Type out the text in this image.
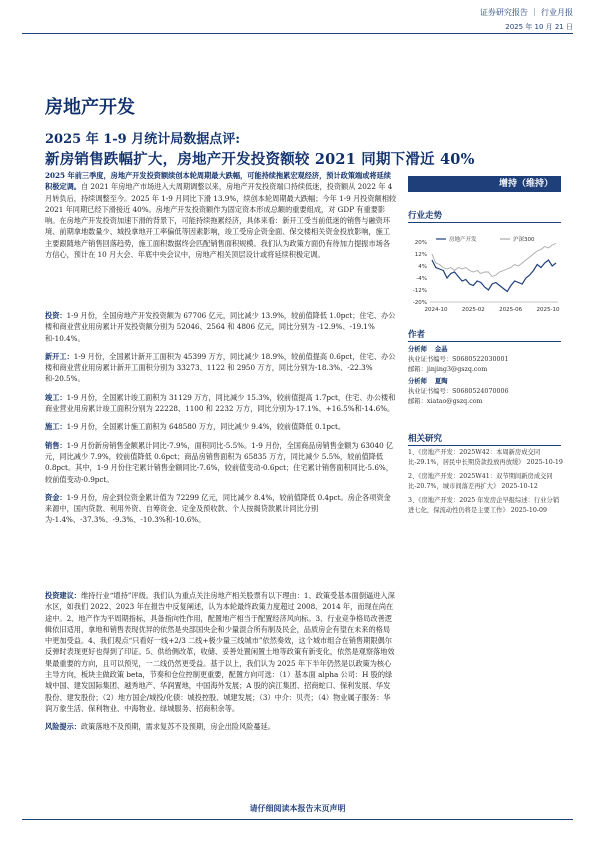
证券研究报告 ｜ 行业月报
2025 年 10 月 21 日
房地产开发
2025 年 1-9 月统计局数据点评:
新房销售跌幅扩大，房地产开发投资额较 2021 同期下滑近 40%
2025 年前三季度，房地产开发投资额续创本轮周期最大跌幅，可能持续拖累宏观经济，预计政策端或将延续积极定调。自 2021 年房地产市场进入大周期调整以来，房地产开发投资端口持续低迷，投资额从 2022 年 4 月转负后，持续调整至今。2025 年 1-9 月同比下滑 13.9%，续创本轮周期最大跌幅；今年 1-9 月投资额相较 2021 年同期已经下滑接近 40%。房地产开发投资额作为固定资本形成总额的重要组成，对 GDP 有重要影响。在房地产开发投资加速下滑的背景下，可能持续拖累经济，具体来看：新开工受当前低迷的销售与融资环境、前期拿地数量少、城投拿地开工率偏低等因素影响，竣工受房企资金面、保交楼相关资金投放影响，施工主要跟随地产销售回落趋势，施工面积数据终会匹配销售面积规模。我们认为政策方面仍有待加力提振市场各方信心，预计在 10 月大会、年底中央会议中，房地产相关顶层设计或将延续积极定调。
投资：1-9 月份，全国房地产开发投资额为 67706 亿元，同比减少 13.9%，较前值降低 1.0pct；住宅、办公楼和商业营业用房累计开发投资额分别为 52046、2564 和 4806 亿元，同比分别为 -12.9%、-19.1%和-10.4%。
新开工：1-9 月份，全国累计新开工面积为 45399 万方，同比减少 18.9%，较前值提高 0.6pct，住宅、办公楼和商业营业用房累计新开工面积分别为 33273、1122 和 2950 万方，同比分别为-18.3%、-22.3%和-20.5%。
竣工：1-9 月份，全国累计竣工面积为 31129 万方，同比减少 15.3%，较前值提高 1.7pct，住宅、办公楼和商业营业用房累计竣工面积分别为 22228、1100 和 2232 万方，同比分别为-17.1%、+16.5%和-14.6%。
施工：1-9 月份，全国累计施工面积为 648580 万方，同比减少 9.4%，较前值降低 0.1pct。
销售：1-9 月份新房销售金额累计同比-7.9%，面积同比-5.5%。1-9 月份，全国商品房销售金额为 63040 亿元，同比减少 7.9%，较前值降低 0.6pct；商品房销售面积为 65835 万方，同比减少 5.5%，较前值降低 0.8pct。其中，1-9 月份住宅累计销售金额同比-7.6%，较前值变动-0.6pct；住宅累计销售面积同比-5.6%，较前值变动-0.9pct。
资金：1-9 月份，房企到位资金累计值为 72299 亿元，同比减少 8.4%，较前值降低 0.4pct。房企各项资金来源中，国内贷款、利用外资、自筹资金、定金及预收款、个人按揭贷款累计同比分别为-1.4%、-37.3%、-9.3%、-10.3%和-10.6%。
投资建议：维持行业“增持”评级。我们认为重点关注房地产相关股票有以下理由：1、政策受基本面倒逼进入深水区，如我们 2022、2023 年在报告中反复阐述，认为本轮最终政策力度超过 2008、2014 年，而现在尚在途中。2、地产作为平周期指标，具备指向性作用，配置地产相当于配置经济风向标。3、行业竞争格局改善逻辑依旧适用，拿地和销售表现优异的依然是央部国央企和少量混合所有制及民企，品质房企有望在未来的格局中更加受益。4、我们观点“只看好一线+2/3 二线+极少量三线城市”依然奏效，这个城市组合在销售期限偶尔反弹时表现更好也得到了印证。5、供给侧改革，收储、妥善处置闲置土地等政策有新变化，依然是观察落地效果最重要的方向，且可以预见，一二线仍然更受益。基于以上，我们认为 2025 年下半年仍然是以政策为核心主导方向，板块主做政策 beta，节奏和仓位控制更重要，配置方向可选：（1）基本面 alpha 公司：H 股的绿城中国、建发国际集团、越秀地产、华润置地，中国海外发展；A 股的滨江集团、招商蛇口、保利发展、华发股份、建发股份；（2）地方国企/城投/化债：城投控股、城建发展；（3）中介：贝壳；（4）物业属子服务：华润万象生活、保利物业、中海物业、绿城服务、招商积余等。
风险提示：政策落地不及预期，需求复苏不及预期，房企出险风险蔓延。
增持（维持）
行业走势
20%
12%
4%
-4%
-12%
-20%
2024-10	2025-02	2025-06	2025-10
房地产开发	沪深300
作者
分析师 金晶
执业证书编号：S0680522030001
邮箱：jinjing3@gszq.com
分析师 夏陶
执业证书编号：S0680524070006
邮箱：xiatao@gszq.com
相关研究
1、《房地产开发：2025W42：本周新房成交同比-29.1%，居民中长期贷款投放再放缓》 2025-10-19
2、《房地产开发：2025W41：双节期间新房成交同比-20.7%，城市间落差再扩大》 2025-10-12
3、《房地产开发：2025 年发房企早报综述：行业分销进七化，保流动性仍将是主要工作》 2025-10-09
请仔细阅读本报告末页声明
